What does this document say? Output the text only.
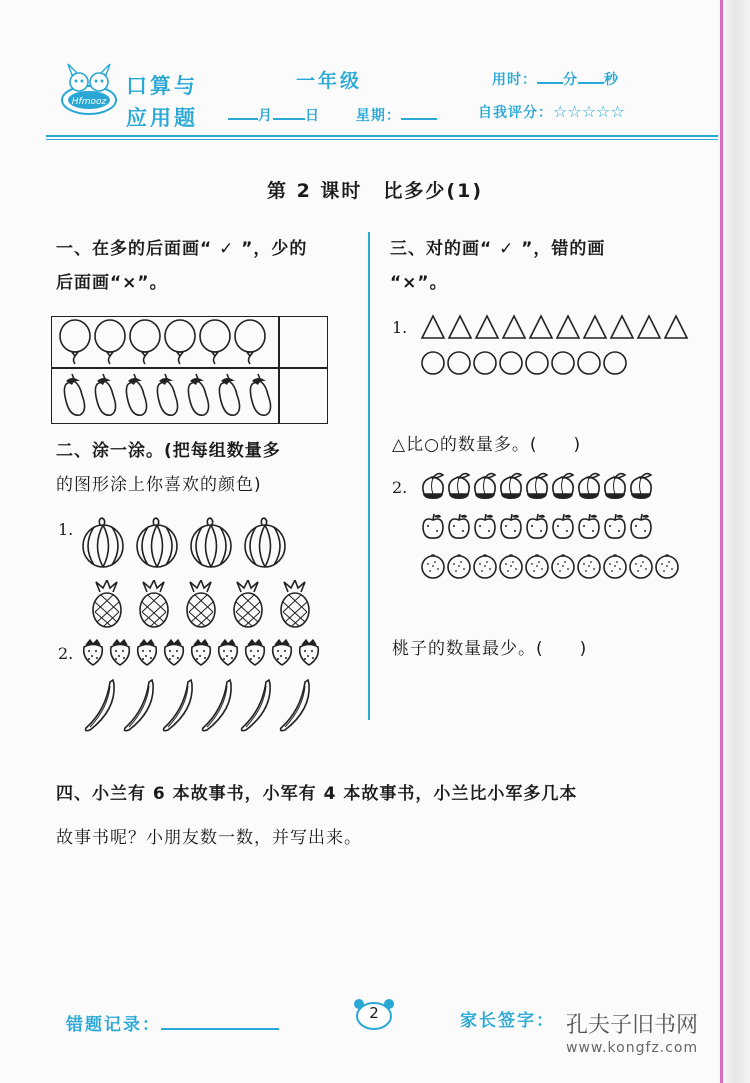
Hfmooz
口算与
应用题
一年级
月 日	星期：
用时： 分 秒
自我评分：☆☆☆☆☆
第 2 课时　比多少(1)
一、在多的后面画“ ✓ ”，少的
后面画“×”。
二、涂一涂。(把每组数量多
的图形涂上你喜欢的颜色)
1.
2.
三、对的画“ ✓ ”，错的画
“×”。
1.
△比○的数量多。(　　)
2.
桃子的数量最少。(　　)
四、小兰有 6 本故事书，小军有 4 本故事书，小兰比小军多几本
故事书呢？小朋友数一数，并写出来。
错题记录：
2	家长签字： 孔夫子旧书网
www.kongfz.com
